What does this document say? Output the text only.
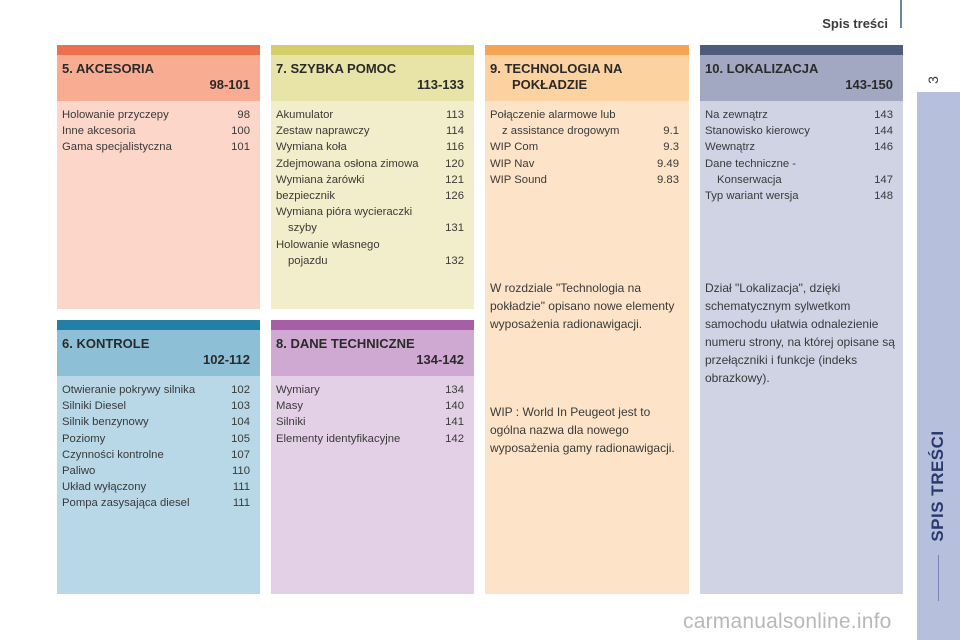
Spis treści
3
SPIS TREŚCI
5. AKCESORIA
98-101
Holowanie przyczepy	98
Inne akcesoria	100
Gama specjalistyczna	101
7. SZYBKA POMOC
113-133
Akumulator	113
Zestaw naprawczy	114
Wymiana koła	116
Zdejmowana osłona zimowa	120
Wymiana żarówki	121
bezpiecznik	126
Wymiana pióra wycieraczki
szyby	131
Holowanie własnego
pojazdu	132
9. TECHNOLOGIA NA
POKŁADZIE
Połączenie alarmowe lub
z assistance drogowym	9.1
WIP Com	9.3
WIP Nav	9.49
WIP Sound	9.83
W rozdziale "Technologia na pokładzie" opisano nowe elementy wyposażenia radionawigacji.
WIP : World In Peugeot jest to ogólna nazwa dla nowego wyposażenia gamy radionawigacji.
10. LOKALIZACJA
143-150
Na zewnątrz	143
Stanowisko kierowcy	144
Wewnątrz	146
Dane techniczne -
Konserwacja	147
Typ wariant wersja	148
Dział "Lokalizacja", dzięki schematycznym sylwetkom samochodu ułatwia odnalezienie numeru strony, na której opisane są przełączniki i funkcje (indeks obrazkowy).
6. KONTROLE
102-112
Otwieranie pokrywy silnika	102
Silniki Diesel	103
Silnik benzynowy	104
Poziomy	105
Czynności kontrolne	107
Paliwo	110
Układ wyłączony	111
Pompa zasysająca diesel	111
8. DANE TECHNICZNE
134-142
Wymiary	134
Masy	140
Silniki	141
Elementy identyfikacyjne	142
carmanualsonline.info
